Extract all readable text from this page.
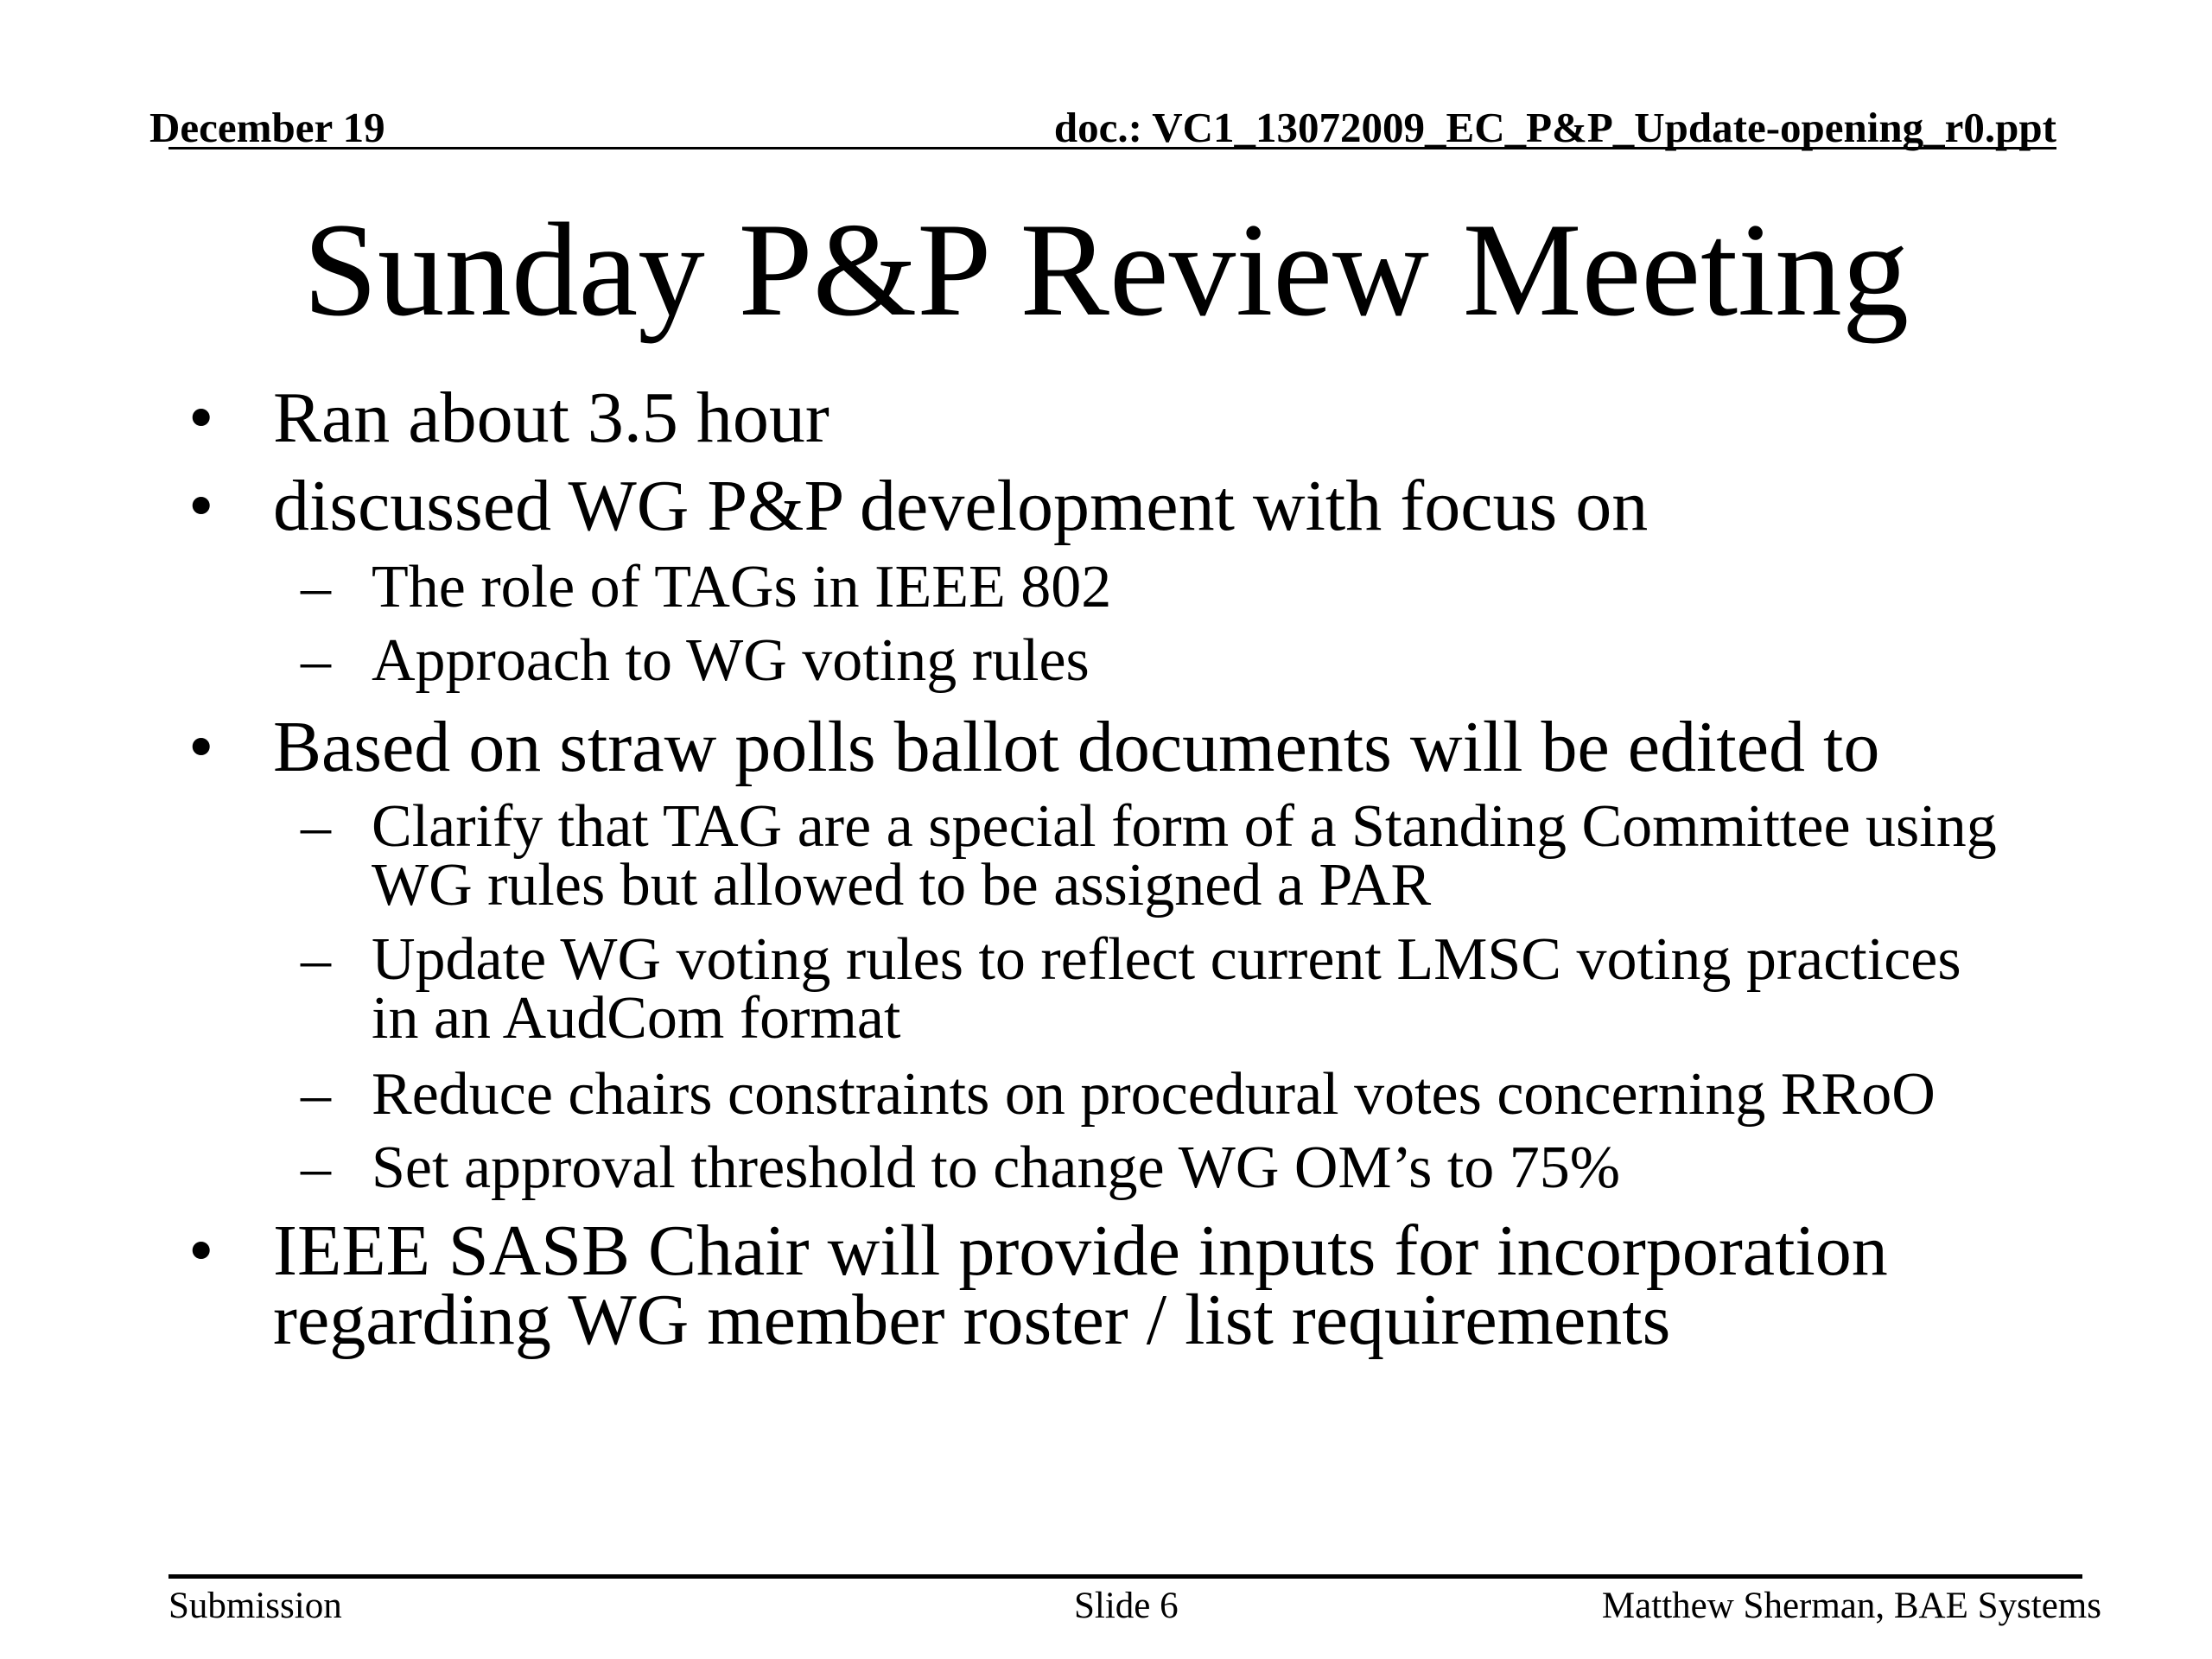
December 19	doc.: VC1_13072009_EC_P&P_Update-opening_r0.ppt
Sunday P&P Review Meeting
• Ran about 3.5 hour
• discussed WG P&P development with focus on
– The role of TAGs in IEEE 802
– Approach to WG voting rules
• Based on straw polls ballot documents will be edited to
– Clarify that TAG are a special form of a Standing Committee using
WG rules but allowed to be assigned a PAR
– Update WG voting rules to reflect current LMSC voting practices
in an AudCom format
– Reduce chairs constraints on procedural votes concerning RRoO
– Set approval threshold to change WG OM’s to 75%
• IEEE SASB Chair will provide inputs for incorporation
regarding WG member roster / list requirements
Submission	Slide 6	Matthew Sherman, BAE Systems
